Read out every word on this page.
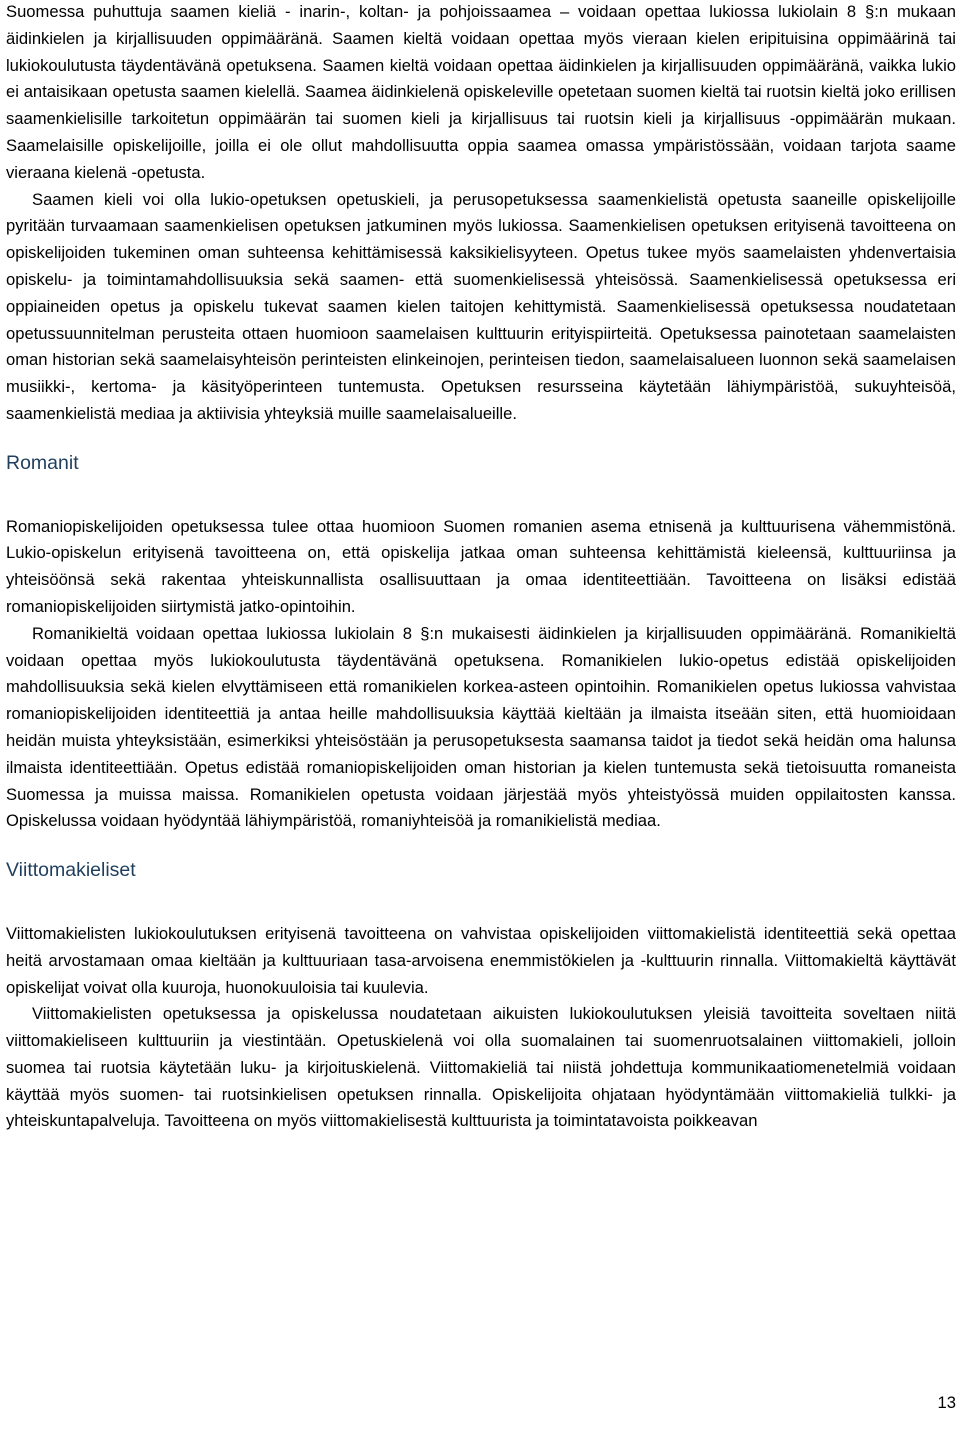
Suomessa puhuttuja saamen kieliä - inarin-, koltan- ja pohjoissaamea – voidaan opettaa lukiossa lukiolain 8 §:n mukaan äidinkielen ja kirjallisuuden oppimääränä. Saamen kieltä voidaan opettaa myös vieraan kielen eripituisina oppimäärinä tai lukiokoulutusta täydentävänä opetuksena. Saamen kieltä voidaan opettaa äidinkielen ja kirjallisuuden oppimääränä, vaikka lukio ei antaisikaan opetusta saamen kielellä. Saamea äidinkielenä opiskeleville opetetaan suomen kieltä tai ruotsin kieltä joko erillisen saamenkielisille tarkoitetun oppimäärän tai suomen kieli ja kirjallisuus tai ruotsin kieli ja kirjallisuus -oppimäärän mukaan. Saamelaisille opiskelijoille, joilla ei ole ollut mahdollisuutta oppia saamea omassa ympäristössään, voidaan tarjota saame vieraana kielenä -opetusta.

Saamen kieli voi olla lukio-opetuksen opetuskieli, ja perusopetuksessa saamenkielistä opetusta saaneille opiskelijoille pyritään turvaamaan saamenkielisen opetuksen jatkuminen myös lukiossa. Saamenkielisen opetuksen erityisenä tavoitteena on opiskelijoiden tukeminen oman suhteensa kehittämisessä kaksikielisyyteen. Opetus tukee myös saamelaisten yhdenvertaisia opiskelu- ja toimintamahdollisuuksia sekä saamen- että suomenkielisessä yhteisössä. Saamenkielisessä opetuksessa eri oppiaineiden opetus ja opiskelu tukevat saamen kielen taitojen kehittymistä. Saamenkielisessä opetuksessa noudatetaan opetussuunnitelman perusteita ottaen huomioon saamelaisen kulttuurin erityispiirteitä. Opetuksessa painotetaan saamelaisten oman historian sekä saamelaisyhteisön perinteisten elinkeinojen, perinteisen tiedon, saamelaisalueen luonnon sekä saamelaisen musiikki-, kertoma- ja käsityöperinteen tuntemusta. Opetuksen resursseina käytetään lähiympäristöä, sukuyhteisöä, saamenkielistä mediaa ja aktiivisia yhteyksiä muille saamelaisalueille.

Romanit

Romaniopiskelijoiden opetuksessa tulee ottaa huomioon Suomen romanien asema etnisenä ja kulttuurisena vähemmistönä. Lukio-opiskelun erityisenä tavoitteena on, että opiskelija jatkaa oman suhteensa kehittämistä kieleensä, kulttuuriinsa ja yhteisöönsä sekä rakentaa yhteiskunnallista osallisuuttaan ja omaa identiteettiään. Tavoitteena on lisäksi edistää romaniopiskelijoiden siirtymistä jatko-opintoihin.

Romanikieltä voidaan opettaa lukiossa lukiolain 8 §:n mukaisesti äidinkielen ja kirjallisuuden oppimääränä. Romanikieltä voidaan opettaa myös lukiokoulutusta täydentävänä opetuksena. Romanikielen lukio-opetus edistää opiskelijoiden mahdollisuuksia sekä kielen elvyttämiseen että romanikielen korkea-asteen opintoihin. Romanikielen opetus lukiossa vahvistaa romaniopiskelijoiden identiteettiä ja antaa heille mahdollisuuksia käyttää kieltään ja ilmaista itseään siten, että huomioidaan heidän muista yhteyksistään, esimerkiksi yhteisöstään ja perusopetuksesta saamansa taidot ja tiedot sekä heidän oma halunsa ilmaista identiteettiään. Opetus edistää romaniopiskelijoiden oman historian ja kielen tuntemusta sekä tietoisuutta romaneista Suomessa ja muissa maissa. Romanikielen opetusta voidaan järjestää myös yhteistyössä muiden oppilaitosten kanssa. Opiskelussa voidaan hyödyntää lähiympäristöä, romaniyhteisöä ja romanikielistä mediaa.

Viittomakieliset

Viittomakielisten lukiokoulutuksen erityisenä tavoitteena on vahvistaa opiskelijoiden viittomakielistä identiteettiä sekä opettaa heitä arvostamaan omaa kieltään ja kulttuuriaan tasa-arvoisena enemmistökielen ja -kulttuurin rinnalla. Viittomakieltä käyttävät opiskelijat voivat olla kuuroja, huonokuuloisia tai kuulevia.

Viittomakielisten opetuksessa ja opiskelussa noudatetaan aikuisten lukiokoulutuksen yleisiä tavoitteita soveltaen niitä viittomakieliseen kulttuuriin ja viestintään. Opetuskielenä voi olla suomalainen tai suomenruotsalainen viittomakieli, jolloin suomea tai ruotsia käytetään luku- ja kirjoituskielenä. Viittomakieliä tai niistä johdettuja kommunikaatiomenetelmiä voidaan käyttää myös suomen- tai ruotsinkielisen opetuksen rinnalla. Opiskelijoita ohjataan hyödyntämään viittomakieliä tulkki- ja yhteiskuntapalveluja. Tavoitteena on myös viittomakielisestä kulttuurista ja toimintatavoista poikkeavan

13
